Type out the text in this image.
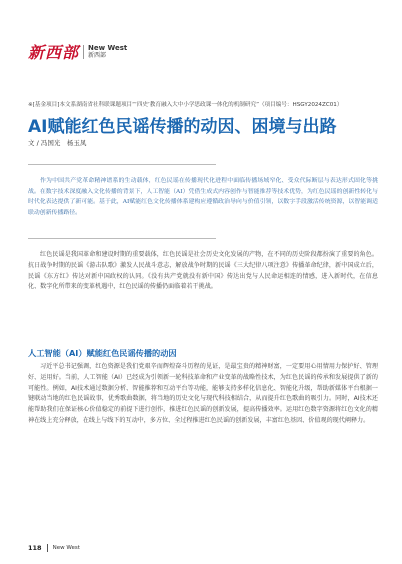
新西部 New West
新西部
※[基金项目]本文系湖南省社科联课题项目“‘四史’教育融入大中小学思政课一体化的机制研究”（项目编号：HSGY2024ZC01）
AI赋能红色民谣传播的动因、困境与出路
文 / 冯国光　杨玉凤
作为中国共产党革命精神谱系的生动载体，红色民谣在传播现代化进程中面临传播场域窄化、受众代际断层与表达形式固化等挑战。在数字技术深度融入文化传播的背景下，人工智能（AI）凭借生成式内容创作与智能推荐等技术优势，为红色民谣的创新性转化与时代化表达提供了新可能。基于此，AI赋能红色文化传播体系建构应遵循政治导向与价值引领，以数字手段激活传统资源，以智能调适联动创新传播路径。
红色民谣是我国革命和建设时期的重要载体，红色民谣是社会历史文化发展的产物，在不同的历史阶段都扮演了重要的角色。抗日战争时期的民谣《游击队歌》激发人民战斗意志，解放战争时期的民谣《三大纪律八项注意》传播革命纪律，新中国成立后，民谣《东方红》传达对新中国政权的认同。《没有共产党就没有新中国》传达出党与人民命运相连的情感，进入新时代，在信息化、数字化所带来的变革机遇中，红色民谣的传播仍面临着若干挑战。
人工智能（AI）赋能红色民谣传播的动因
习近平总书记强调，红色资源是我们党艰辛而辉煌奋斗历程的见证，是最宝贵的精神财富，一定要用心用情用力保护好、管理好、运用好。当前，人工智能（AI）已经成为引领新一轮科技革命和产业变革的战略性技术，为红色民谣的传承和发展提供了新的可能性。例如，AI技术通过数据分析、智能推荐和互动平台等功能，能够支持多样化信息化、智能化升级，帮助新媒体平台根据一键联动当地的红色民谣故事，优秀歌曲数据，将当地的历史文化与现代科技相结合，从而提升红色歌曲的吸引力。同时，AI技术还能帮助我们在保证核心价值稳定的前提下进行创作，推进红色民谣的创新发展，提高传播效率。运用红色数字资源将红色文化的精神在线上充分释放，在线上与线下的互动中，多方位、全过程推进红色民谣的创新发展，丰富红色基因、价值观的现代阐释力。
118 New West
